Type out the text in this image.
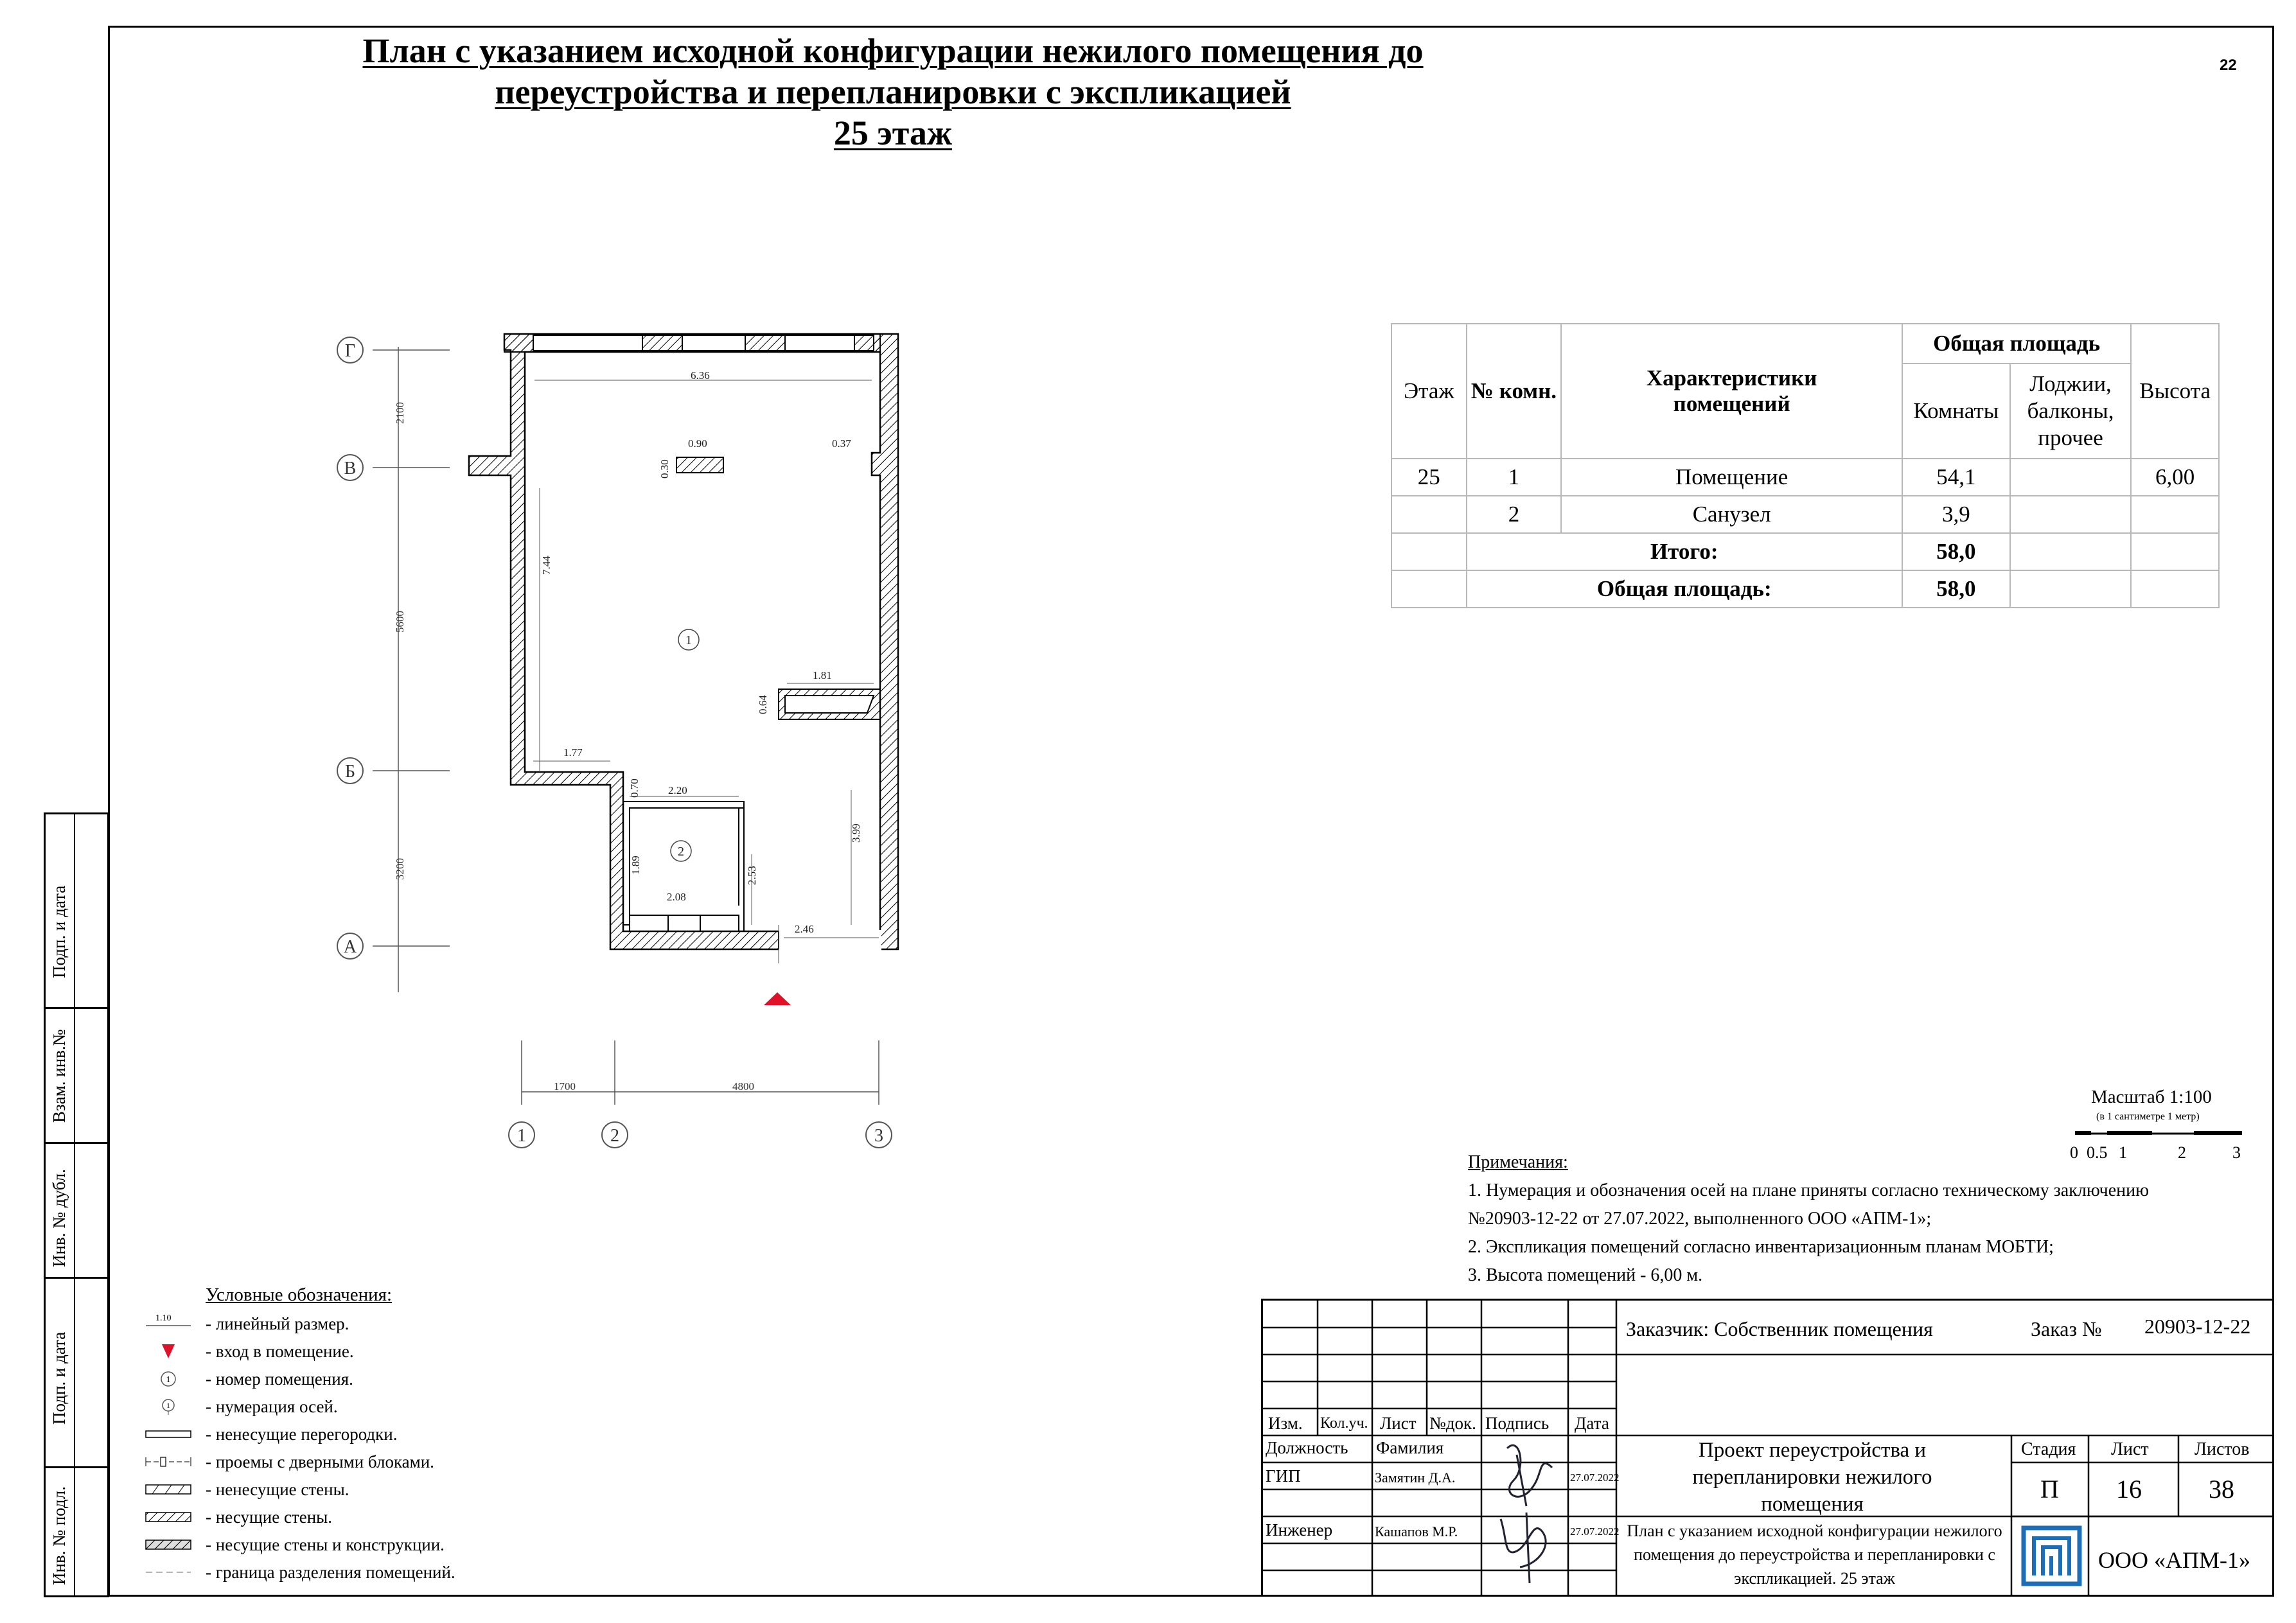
22
План с указанием исходной конфигурации нежилого помещения до
переустройства и перепланировки с экспликацией
25 этаж
Г
В
Б
А
1	2	3
2100
5600
3200
1700	4800
6.36
0.90
0.30
0.37
7.44
1.81
0.64
1.77
0.70	2.20
1.89
2.53
2.08
3.99
2.46
1
2
Этаж	№ комн.	Характеристики помещений	Общая площадь		Высота
			Комнаты	Лоджии, балконы, прочее	
25	1	Помещение	54,1		6,00
	2	Санузел	3,9		
	Итого:		58,0		
	Общая площадь:		58,0		
Масштаб 1:100
(в 1 сантиметре 1 метр)
0 0.5 1	2	3

Примечания:

1. Нумерация и обозначения осей на плане приняты согласно техническому заключению

№20903-12-22 от 27.07.2022, выполненного ООО «АПМ-1»;

2. Экспликация помещений согласно инвентаризационным планам МОБТИ;

3. Высота помещений - 6,00 м.

Условные обозначения:
1.10 - линейный размер.
- вход в помещение.
1 - номер помещения.
1 - нумерация осей.
- ненесущие перегородки.
- проемы с дверными блоками.
- ненесущие стены.
- несущие стены.
- несущие стены и конструкции.
- граница разделения помещений.
Инв. № подл.
Подп. и дата
Инв. № дубл.
Взам. инв.№
Подп. и дата
Заказчик: Собственник помещения	Заказ № 20903-12-22
Изм. Кол.уч. Лист №док. Подпись Дата
Должность Фамилия
ГИП	Замятин Д.А.	27.07.2022
Инженер	Кашапов М.Р.	27.07.2022
Проект переустройства и перепланировки нежилого помещения
План с указанием исходной конфигурации нежилого помещения до переустройства и перепланировки с экспликацией. 25 этаж
Стадия Лист	Листов
П 16	38
ООО «АПМ-1»
